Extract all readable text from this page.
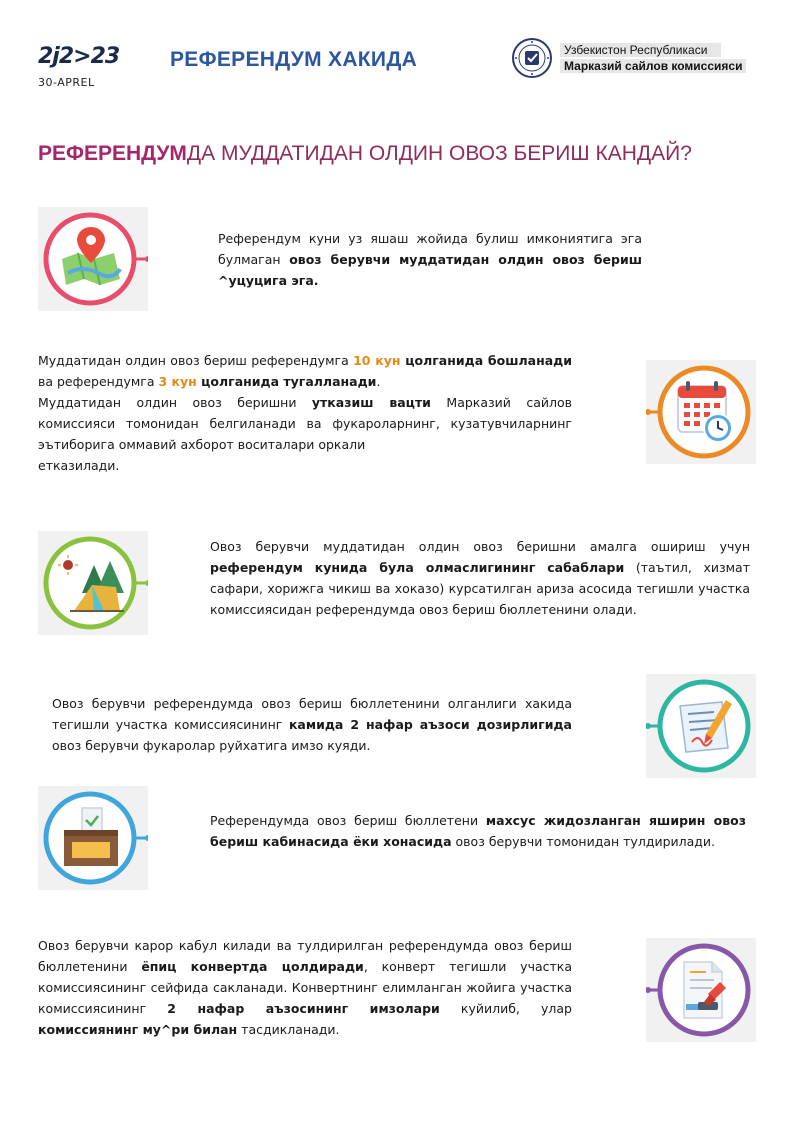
2j2>23
30-APREL
РЕФЕРЕНДУМ ХАКИДА	Узбекистон Республикаси
Марказий сайлов комиссияси
РЕФЕРЕНДУМДА МУДДАТИДАН ОЛДИН ОВОЗ БЕРИШ КАНДАЙ?
Референдум куни уз яшаш жойида булиш имкониятига эга булмаган овоз берувчи муддатидан олдин овоз бериш ^уцуцига эга.
Муддатидан олдин овоз бериш референдумга 10 кун цолганида бошланади ва референдумга 3 кун цолганида тугалланади.
Муддатидан олдин овоз беришни утказиш вацти Марказий сайлов комиссияси томонидан белгиланади ва фукароларнинг, кузатувчиларнинг эътиборига оммавий ахборот воситалари оркали
етказилади.
Овоз берувчи муддатидан олдин овоз беришни амалга ошириш учун референдум кунида була олмаслигининг сабаблари (таътил, хизмат сафари, хорижга чикиш ва хоказо) курсатилган ариза асосида тегишли участка комиссиясидан референдумда овоз бериш бюллетенини олади.
Овоз берувчи референдумда овоз бериш бюллетенини олганлиги хакида тегишли участка комиссиясининг камида 2 нафар аъзоси дозирлигида овоз берувчи фукаролар руйхатига имзо куяди.
Референдумда овоз бериш бюллетени махсус жидозланган яширин овоз бериш кабинасида ёки хонасида овоз берувчи томонидан тулдирилади.
Овоз берувчи карор кабул килади ва тулдирилган референдумда овоз бериш бюллетенини ёпиц конвертда цолдиради, конверт тегишли участка комиссиясининг сейфида сакланади. Конвертнинг елимланган жойига участка комиссиясининг 2 нафар аъзосининг имзолари куйилиб, улар комиссиянинг му^ри билан тасдикланади.
